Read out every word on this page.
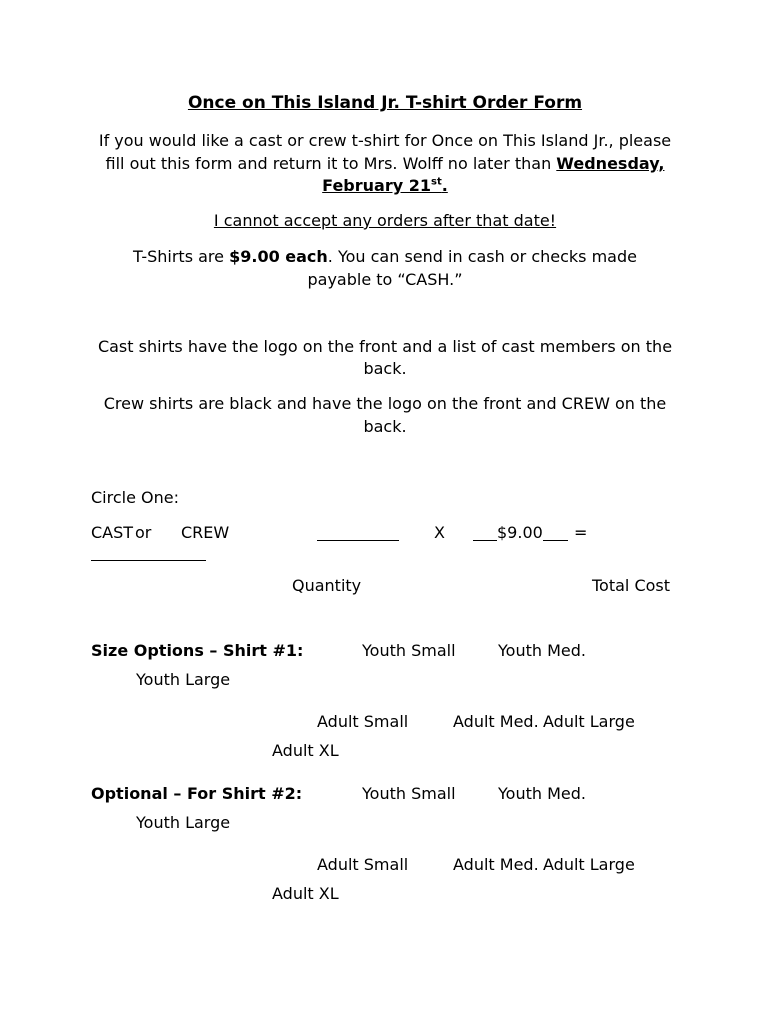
Once on This Island Jr. T-shirt Order Form
If you would like a cast or crew t-shirt for Once on This Island Jr., please
fill out this form and return it to Mrs. Wolff no later than Wednesday,
February 21st.
I cannot accept any orders after that date!
T-Shirts are $9.00 each. You can send in cash or checks made
payable to “CASH.”
Cast shirts have the logo on the front and a list of cast members on the
back.
Crew shirts are black and have the logo on the front and CREW on the
back.
Circle One:
CAST or CREW	X	$9.00 =
Quantity	Total Cost
Size Options – Shirt #1:	Youth Small	Youth Med.
Youth Large
Adult Small	Adult Med. Adult Large
Adult XL
Optional – For Shirt #2:	Youth Small	Youth Med.
Youth Large
Adult Small	Adult Med. Adult Large
Adult XL
